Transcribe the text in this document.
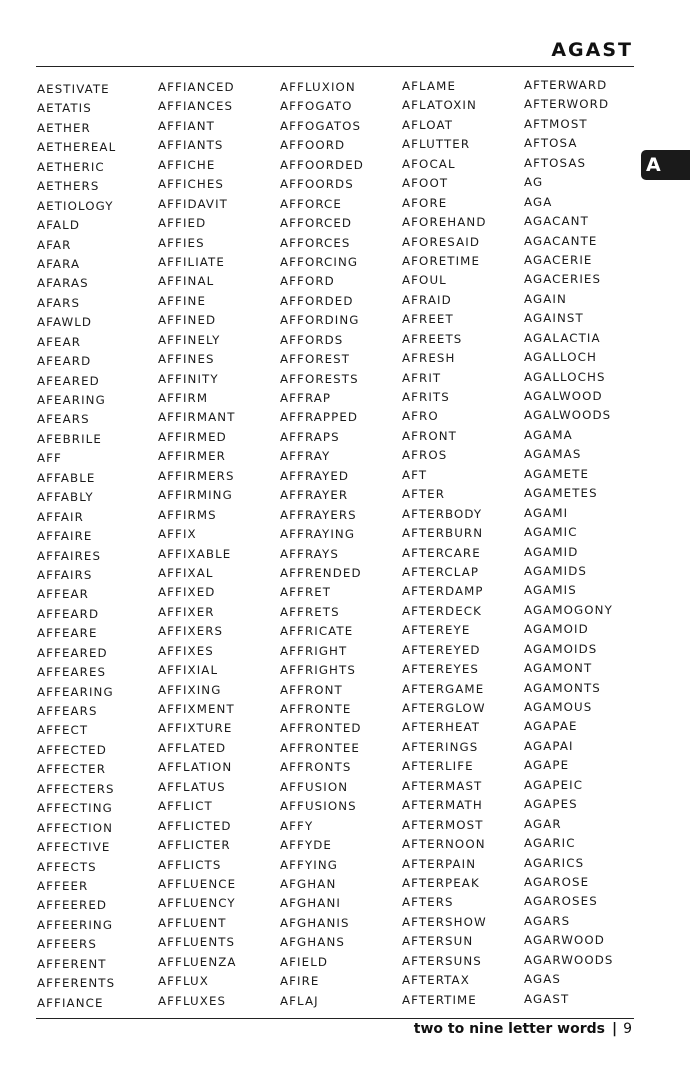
AGAST
A
AESTIVATE
AETATIS
AETHER
AETHEREAL
AETHERIC
AETHERS
AETIOLOGY
AFALD
AFAR
AFARA
AFARAS
AFARS
AFAWLD
AFEAR
AFEARD
AFEARED
AFEARING
AFEARS
AFEBRILE
AFF
AFFABLE
AFFABLY
AFFAIR
AFFAIRE
AFFAIRES
AFFAIRS
AFFEAR
AFFEARD
AFFEARE
AFFEARED
AFFEARES
AFFEARING
AFFEARS
AFFECT
AFFECTED
AFFECTER
AFFECTERS
AFFECTING
AFFECTION
AFFECTIVE
AFFECTS
AFFEER
AFFEERED
AFFEERING
AFFEERS
AFFERENT
AFFERENTS
AFFIANCE
AFFIANCED
AFFIANCES
AFFIANT
AFFIANTS
AFFICHE
AFFICHES
AFFIDAVIT
AFFIED
AFFIES
AFFILIATE
AFFINAL
AFFINE
AFFINED
AFFINELY
AFFINES
AFFINITY
AFFIRM
AFFIRMANT
AFFIRMED
AFFIRMER
AFFIRMERS
AFFIRMING
AFFIRMS
AFFIX
AFFIXABLE
AFFIXAL
AFFIXED
AFFIXER
AFFIXERS
AFFIXES
AFFIXIAL
AFFIXING
AFFIXMENT
AFFIXTURE
AFFLATED
AFFLATION
AFFLATUS
AFFLICT
AFFLICTED
AFFLICTER
AFFLICTS
AFFLUENCE
AFFLUENCY
AFFLUENT
AFFLUENTS
AFFLUENZA
AFFLUX
AFFLUXES
AFFLUXION
AFFOGATO
AFFOGATOS
AFFOORD
AFFOORDED
AFFOORDS
AFFORCE
AFFORCED
AFFORCES
AFFORCING
AFFORD
AFFORDED
AFFORDING
AFFORDS
AFFOREST
AFFORESTS
AFFRAP
AFFRAPPED
AFFRAPS
AFFRAY
AFFRAYED
AFFRAYER
AFFRAYERS
AFFRAYING
AFFRAYS
AFFRENDED
AFFRET
AFFRETS
AFFRICATE
AFFRIGHT
AFFRIGHTS
AFFRONT
AFFRONTE
AFFRONTED
AFFRONTEE
AFFRONTS
AFFUSION
AFFUSIONS
AFFY
AFFYDE
AFFYING
AFGHAN
AFGHANI
AFGHANIS
AFGHANS
AFIELD
AFIRE
AFLAJ
AFLAME
AFLATOXIN
AFLOAT
AFLUTTER
AFOCAL
AFOOT
AFORE
AFOREHAND
AFORESAID
AFORETIME
AFOUL
AFRAID
AFREET
AFREETS
AFRESH
AFRIT
AFRITS
AFRO
AFRONT
AFROS
AFT
AFTER
AFTERBODY
AFTERBURN
AFTERCARE
AFTERCLAP
AFTERDAMP
AFTERDECK
AFTEREYE
AFTEREYED
AFTEREYES
AFTERGAME
AFTERGLOW
AFTERHEAT
AFTERINGS
AFTERLIFE
AFTERMAST
AFTERMATH
AFTERMOST
AFTERNOON
AFTERPAIN
AFTERPEAK
AFTERS
AFTERSHOW
AFTERSUN
AFTERSUNS
AFTERTAX
AFTERTIME
AFTERWARD
AFTERWORD
AFTMOST
AFTOSA
AFTOSAS
AG
AGA
AGACANT
AGACANTE
AGACERIE
AGACERIES
AGAIN
AGAINST
AGALACTIA
AGALLOCH
AGALLOCHS
AGALWOOD
AGALWOODS
AGAMA
AGAMAS
AGAMETE
AGAMETES
AGAMI
AGAMIC
AGAMID
AGAMIDS
AGAMIS
AGAMOGONY
AGAMOID
AGAMOIDS
AGAMONT
AGAMONTS
AGAMOUS
AGAPAE
AGAPAI
AGAPE
AGAPEIC
AGAPES
AGAR
AGARIC
AGARICS
AGAROSE
AGAROSES
AGARS
AGARWOOD
AGARWOODS
AGAS
AGAST
two to nine letter words | 9
